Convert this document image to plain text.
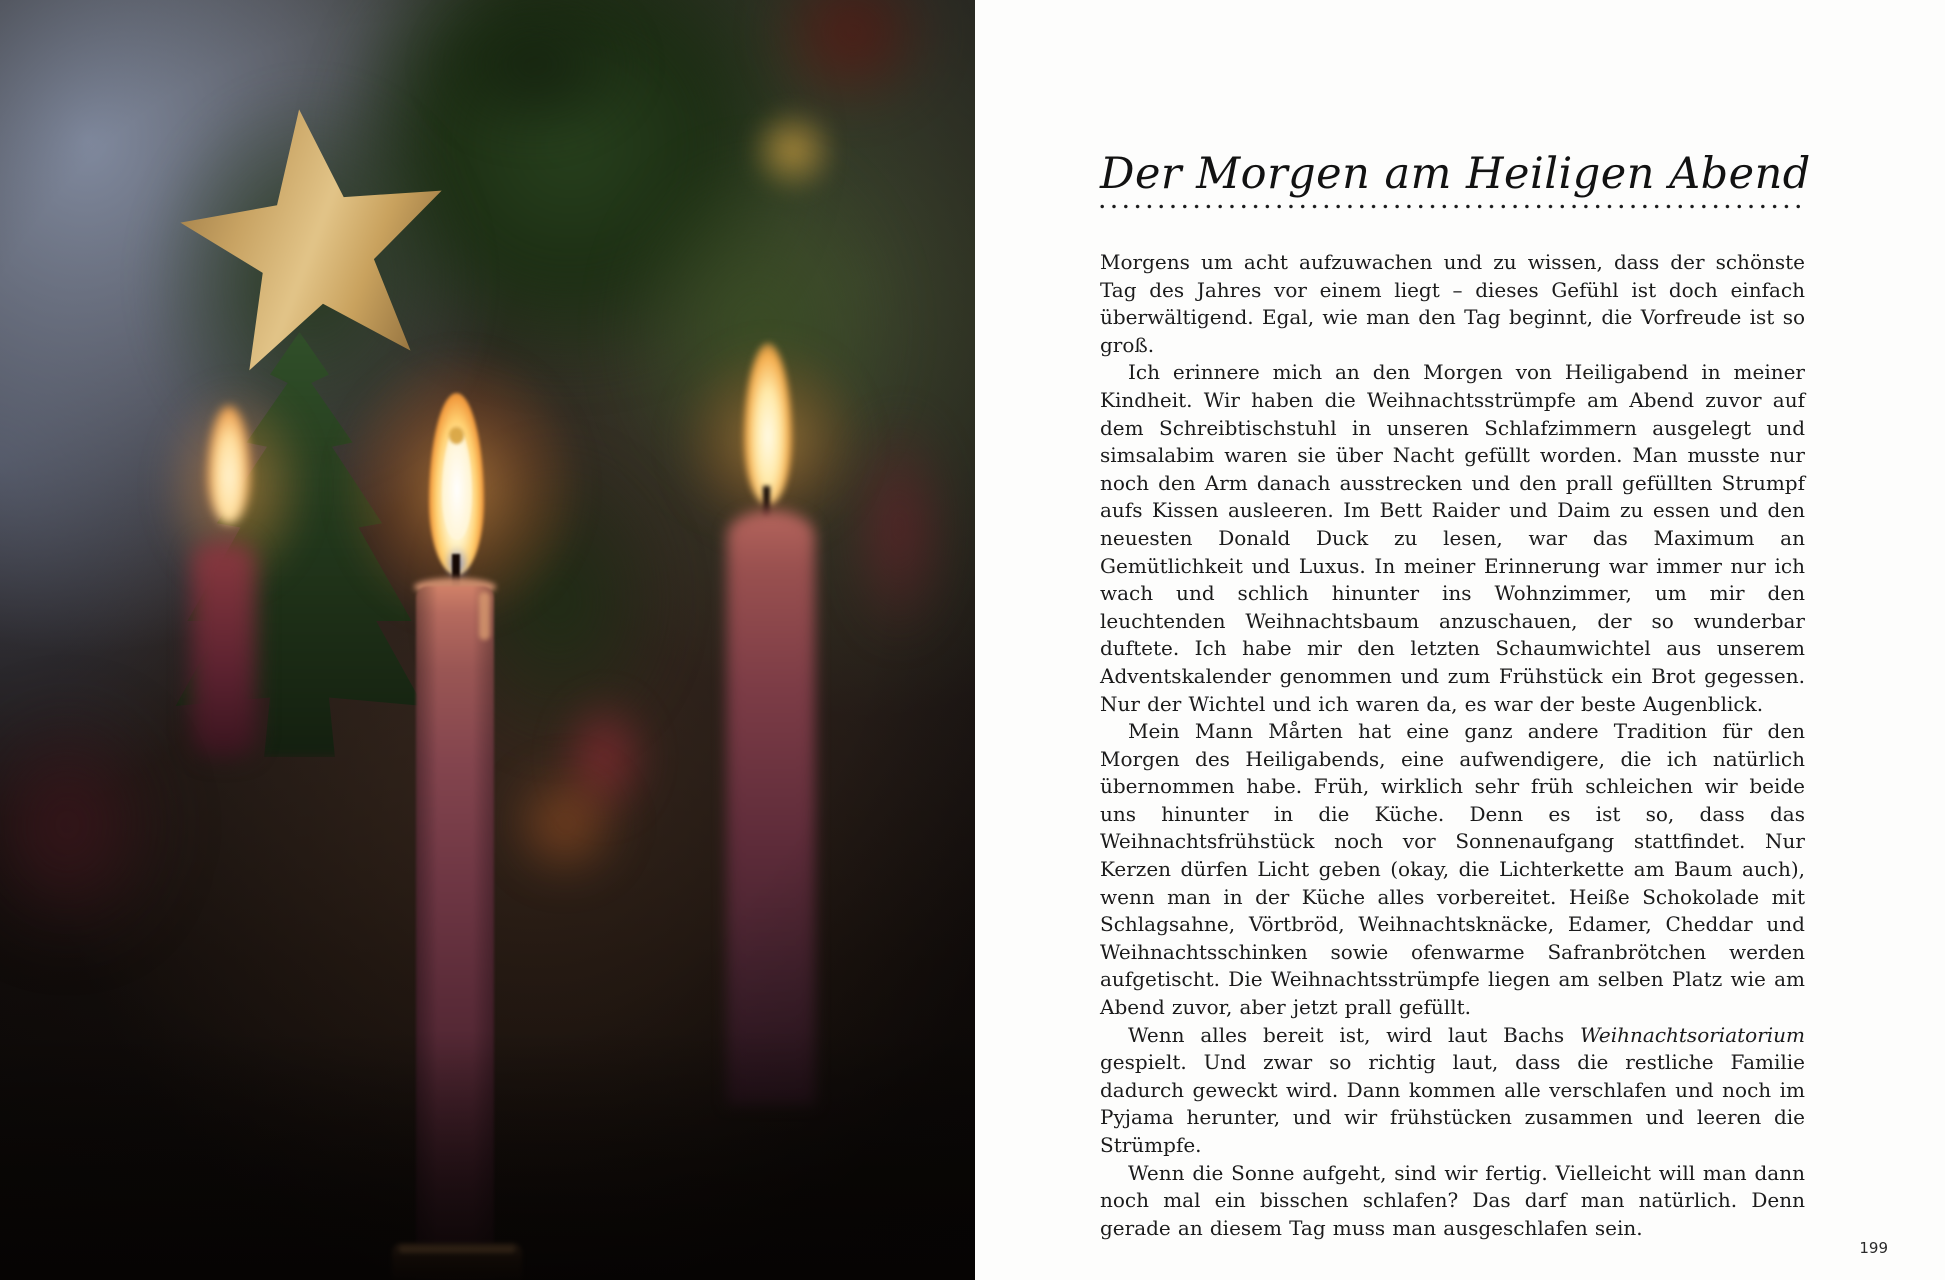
Der Morgen am Heiligen Abend

Morgens um acht aufzuwachen und zu wissen, dass der schönste Tag des Jahres vor einem liegt – dieses Gefühl ist doch einfach überwältigend. Egal, wie man den Tag beginnt, die Vorfreude ist so groß.

Ich erinnere mich an den Morgen von Heiligabend in meiner Kindheit. Wir haben die Weihnachtsstrümpfe am Abend zuvor auf dem Schreibtischstuhl in unseren Schlafzimmern ausgelegt und simsalabim waren sie über Nacht gefüllt worden. Man musste nur noch den Arm danach ausstrecken und den prall gefüllten Strumpf aufs Kissen ausleeren. Im Bett Raider und Daim zu essen und den neuesten Donald Duck zu lesen, war das Maximum an Gemütlichkeit und Luxus. In meiner Erinnerung war immer nur ich wach und schlich hinunter ins Wohnzimmer, um mir den leuchtenden Weihnachtsbaum anzuschauen, der so wunderbar duftete. Ich habe mir den letzten Schaumwichtel aus unserem Adventskalender genommen und zum Frühstück ein Brot gegessen. Nur der Wichtel und ich waren da, es war der beste Augenblick.

Mein Mann Mårten hat eine ganz andere Tradition für den Morgen des Heiligabends, eine aufwendigere, die ich natürlich übernommen habe. Früh, wirklich sehr früh schleichen wir beide uns hinunter in die Küche. Denn es ist so, dass das Weihnachtsfrühstück noch vor Sonnenaufgang stattfindet. Nur Kerzen dürfen Licht geben (okay, die Lichterkette am Baum auch), wenn man in der Küche alles vorbereitet. Heiße Schokolade mit Schlagsahne, Vörtbröd, Weihnachtsknäcke, Edamer, Cheddar und Weihnachtsschinken sowie ofenwarme Safranbrötchen werden aufgetischt. Die Weihnachtsstrümpfe liegen am selben Platz wie am Abend zuvor, aber jetzt prall gefüllt.

Wenn alles bereit ist, wird laut Bachs Weihnachtsoriatorium gespielt. Und zwar so richtig laut, dass die restliche Familie dadurch geweckt wird. Dann kommen alle verschlafen und noch im Pyjama herunter, und wir frühstücken zusammen und leeren die Strümpfe.

Wenn die Sonne aufgeht, sind wir fertig. Vielleicht will man dann noch mal ein bisschen schlafen? Das darf man natürlich. Denn gerade an diesem Tag muss man ausgeschlafen sein.

199
